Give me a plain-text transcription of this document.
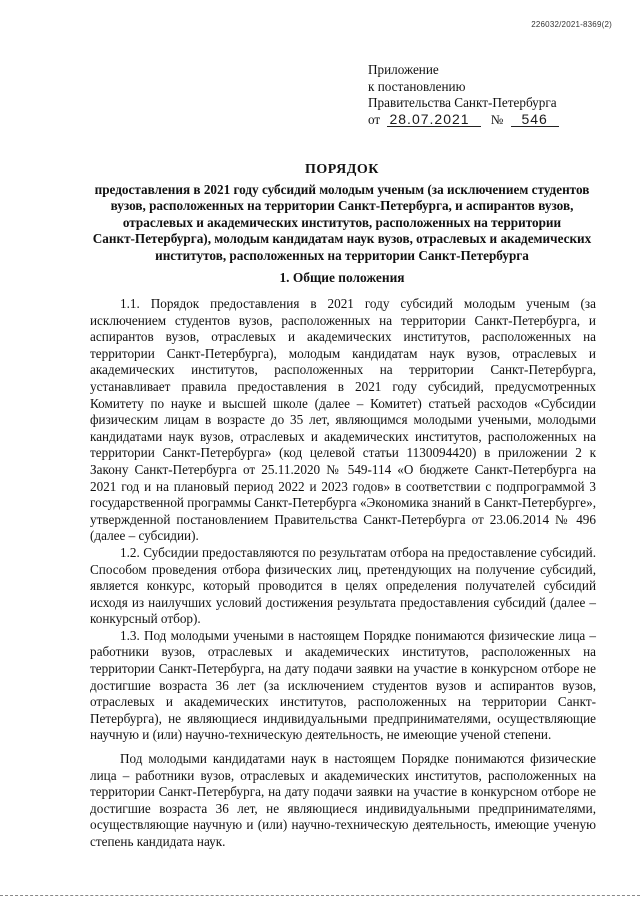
226032/2021-8369(2)
Приложение
к постановлению
Правительства Санкт-Петербурга
от 28.07.2021 № 546
ПОРЯДОК
предоставления в 2021 году субсидий молодым ученым (за исключением студентов
вузов, расположенных на территории Санкт-Петербурга, и аспирантов вузов,
отраслевых и академических институтов, расположенных на территории
Санкт-Петербурга), молодым кандидатам наук вузов, отраслевых и академических
институтов, расположенных на территории Санкт-Петербурга
1. Общие положения

1.1. Порядок предоставления в 2021 году субсидий молодым ученым (за исключением студентов вузов, расположенных на территории Санкт-Петербурга, и аспирантов вузов, отраслевых и академических институтов, расположенных на территории Санкт-Петербурга), молодым кандидатам наук вузов, отраслевых и академических институтов, расположенных на территории Санкт-Петербурга, устанавливает правила предоставления в 2021 году субсидий, предусмотренных Комитету по науке и высшей школе (далее – Комитет) статьей расходов «Субсидии физическим лицам в возрасте до 35 лет, являющимся молодыми учеными, молодыми кандидатами наук вузов, отраслевых и академических институтов, расположенных на территории Санкт-Петербурга» (код целевой статьи 1130094420) в приложении 2 к Закону Санкт-Петербурга от 25.11.2020 № 549-114 «О бюджете Санкт-Петербурга на 2021 год и на плановый период 2022 и 2023 годов» в соответствии с подпрограммой 3 государственной программы Санкт-Петербурга «Экономика знаний в Санкт-Петербурге», утвержденной постановлением Правительства Санкт-Петербурга от 23.06.2014 № 496 (далее – субсидии).

1.2. Субсидии предоставляются по результатам отбора на предоставление субсидий. Способом проведения отбора физических лиц, претендующих на получение субсидий, является конкурс, который проводится в целях определения получателей субсидий исходя из наилучших условий достижения результата предоставления субсидий (далее – конкурсный отбор).

1.3. Под молодыми учеными в настоящем Порядке понимаются физические лица – работники вузов, отраслевых и академических институтов, расположенных на территории Санкт-Петербурга, на дату подачи заявки на участие в конкурсном отборе не достигшие возраста 36 лет (за исключением студентов вузов и аспирантов вузов, отраслевых и академических институтов, расположенных на территории Санкт-Петербурга), не являющиеся индивидуальными предпринимателями, осуществляющие научную и (или) научно-техническую деятельность, не имеющие ученой степени.

Под молодыми кандидатами наук в настоящем Порядке понимаются физические лица – работники вузов, отраслевых и академических институтов, расположенных на территории Санкт-Петербурга, на дату подачи заявки на участие в конкурсном отборе не достигшие возраста 36 лет, не являющиеся индивидуальными предпринимателями, осуществляющие научную и (или) научно-техническую деятельность, имеющие ученую степень кандидата наук.
